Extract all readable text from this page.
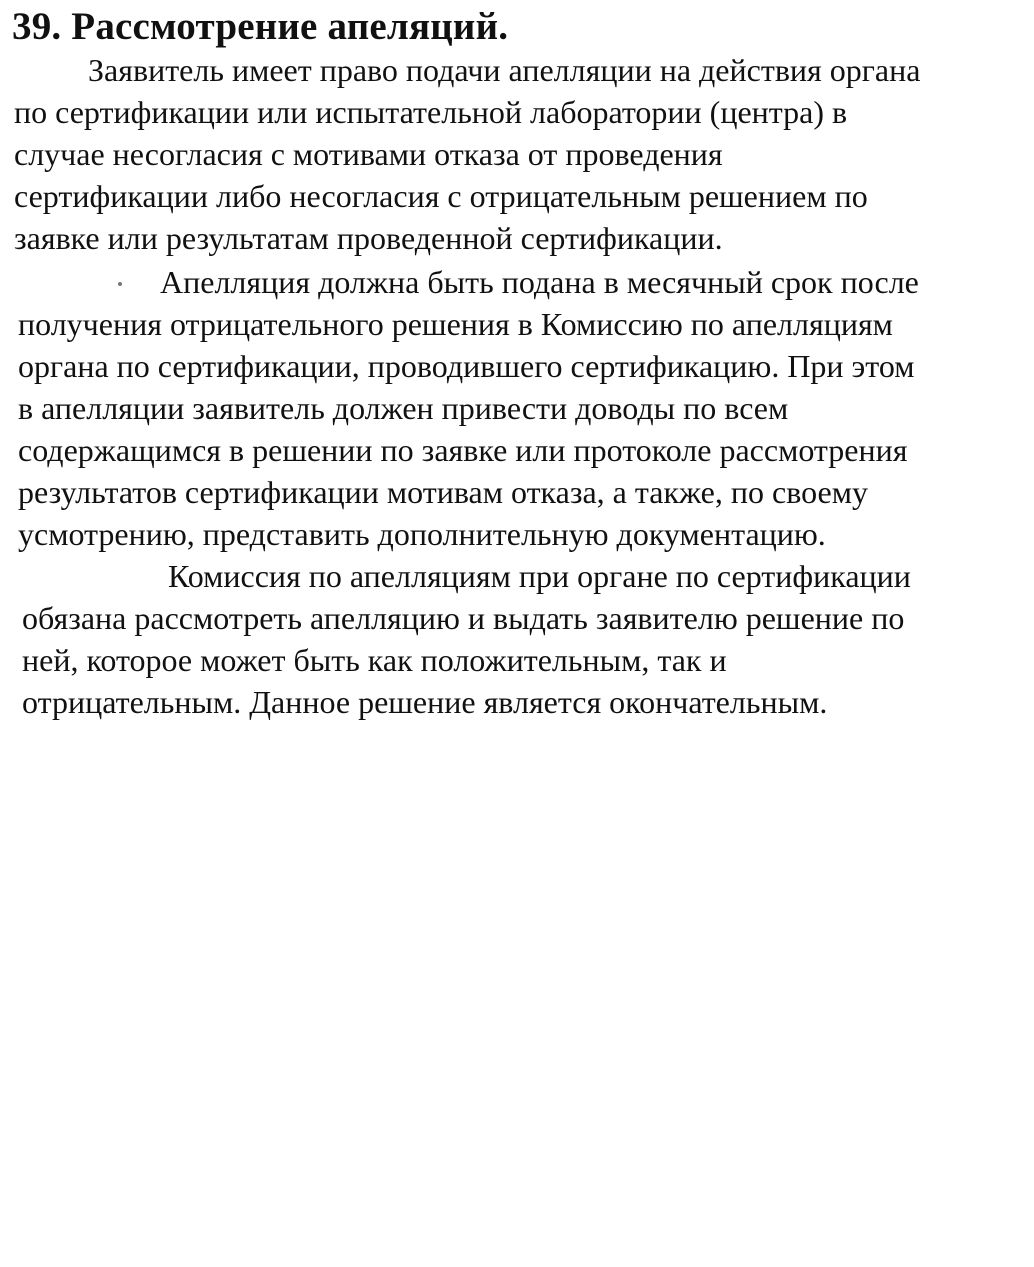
39. Рассмотрение апеляций.
Заявитель имеет право подачи апелляции на действия органа
по сертификации или испытательной лаборатории (центра) в
случае несогласия с мотивами отказа от проведения
сертификации либо несогласия с отрицательным решением по
заявке или результатам проведенной сертификации.
Апелляция должна быть подана в месячный срок после
получения отрицательного решения в Комиссию по апелляциям
органа по сертификации, проводившего сертификацию. При этом
в апелляции заявитель должен привести доводы по всем
содержащимся в решении по заявке или протоколе рассмотрения
результатов сертификации мотивам отказа, а также, по своему
усмотрению, представить дополнительную документацию.
Комиссия по апелляциям при органе по сертификации
обязана рассмотреть апелляцию и выдать заявителю решение по
ней, которое может быть как положительным, так и
отрицательным. Данное решение является окончательным.
